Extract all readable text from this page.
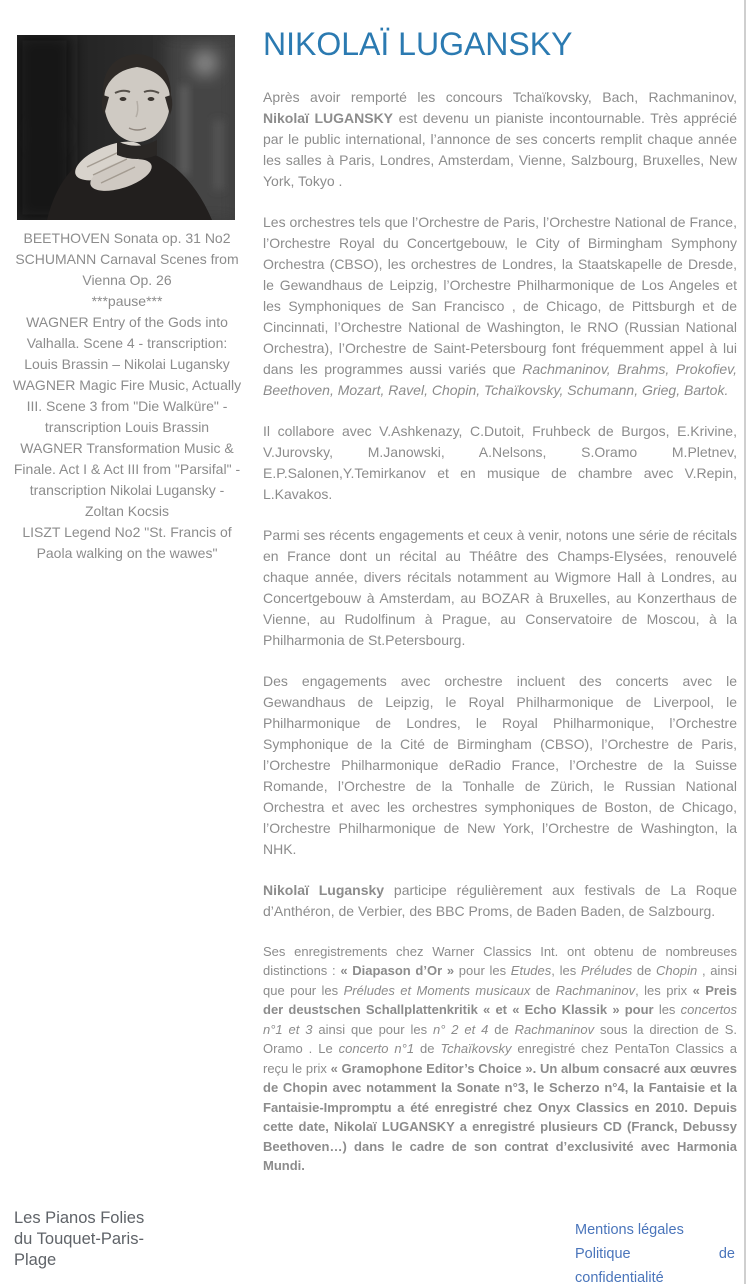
BEETHOVEN Sonata op. 31 No2
SCHUMANN Carnaval Scenes from Vienna Op. 26
***pause***
WAGNER Entry of the Gods into Valhalla. Scene 4 - transcription: Louis Brassin – Nikolai Lugansky
WAGNER Magic Fire Music, Actually III. Scene 3 from "Die Walküre" - transcription Louis Brassin
WAGNER Transformation Music & Finale. Act I & Act III from "Parsifal" - transcription Nikolai Lugansky - Zoltan Kocsis
LISZT Legend No2 "St. Francis of Paola walking on the wawes"
NIKOLAÏ LUGANSKY

Après avoir remporté les concours Tchaïkovsky, Bach, Rachmaninov, Nikolaï LUGANSKY est devenu un pianiste incontournable. Très apprécié par le public international, l’annonce de ses concerts remplit chaque année les salles à Paris, Londres, Amsterdam, Vienne, Salzbourg, Bruxelles, New York, Tokyo .

Les orchestres tels que l’Orchestre de Paris, l’Orchestre National de France, l’Orchestre Royal du Concertgebouw, le City of Birmingham Symphony Orchestra (CBSO), les orchestres de Londres, la Staatskapelle de Dresde, le Gewandhaus de Leipzig, l’Orchestre Philharmonique de Los Angeles et les Symphoniques de San Francisco , de Chicago, de Pittsburgh et de Cincinnati, l’Orchestre National de Washington, le RNO (Russian National Orchestra), l’Orchestre de Saint-Petersbourg font fréquemment appel à lui dans les programmes aussi variés que Rachmaninov, Brahms, Prokofiev, Beethoven, Mozart, Ravel, Chopin, Tchaïkovsky, Schumann, Grieg, Bartok.

Il collabore avec V.Ashkenazy, C.Dutoit, Fruhbeck de Burgos, E.Krivine, V.Jurovsky, M.Janowski, A.Nelsons, S.Oramo M.Pletnev, E.P.Salonen,Y.Temirkanov et en musique de chambre avec V.Repin, L.Kavakos.

Parmi ses récents engagements et ceux à venir, notons une série de récitals en France dont un récital au Théâtre des Champs-Elysées, renouvelé chaque année, divers récitals notamment au Wigmore Hall à Londres, au Concertgebouw à Amsterdam, au BOZAR à Bruxelles, au Konzerthaus de Vienne, au Rudolfinum à Prague, au Conservatoire de Moscou, à la Philharmonia de St.Petersbourg.

Des engagements avec orchestre incluent des concerts avec le Gewandhaus de Leipzig, le Royal Philharmonique de Liverpool, le Philharmonique de Londres, le Royal Philharmonique, l’Orchestre Symphonique de la Cité de Birmingham (CBSO), l’Orchestre de Paris, l’Orchestre Philharmonique deRadio France, l’Orchestre de la Suisse Romande, l’Orchestre de la Tonhalle de Zürich, le Russian National Orchestra et avec les orchestres symphoniques de Boston, de Chicago, l’Orchestre Philharmonique de New York, l’Orchestre de Washington, la NHK.

Nikolaï Lugansky participe régulièrement aux festivals de La Roque d’Anthéron, de Verbier, des BBC Proms, de Baden Baden, de Salzbourg.

Ses enregistrements chez Warner Classics Int. ont obtenu de nombreuses distinctions : « Diapason d’Or » pour les Etudes, les Préludes de Chopin , ainsi que pour les Préludes et Moments musicaux de Rachmaninov, les prix « Preis der deustschen Schallplattenkritik « et « Echo Klassik » pour les concertos n°1 et 3 ainsi que pour les n° 2 et 4 de Rachmaninov sous la direction de S. Oramo . Le concerto n°1 de Tchaïkovsky enregistré chez PentaTon Classics a reçu le prix « Gramophone Editor’s Choice ». Un album consacré aux œuvres de Chopin avec notamment la Sonate n°3, le Scherzo n°4, la Fantaisie et la Fantaisie-Impromptu a été enregistré chez Onyx Classics en 2010. Depuis cette date, Nikolaï LUGANSKY a enregistré plusieurs CD (Franck, Debussy Beethoven…) dans le cadre de son contrat d’exclusivité avec Harmonia Mundi.

Les Pianos Folies du Touquet-Paris-Plage
Mentions légales
Politique de confidentialité
